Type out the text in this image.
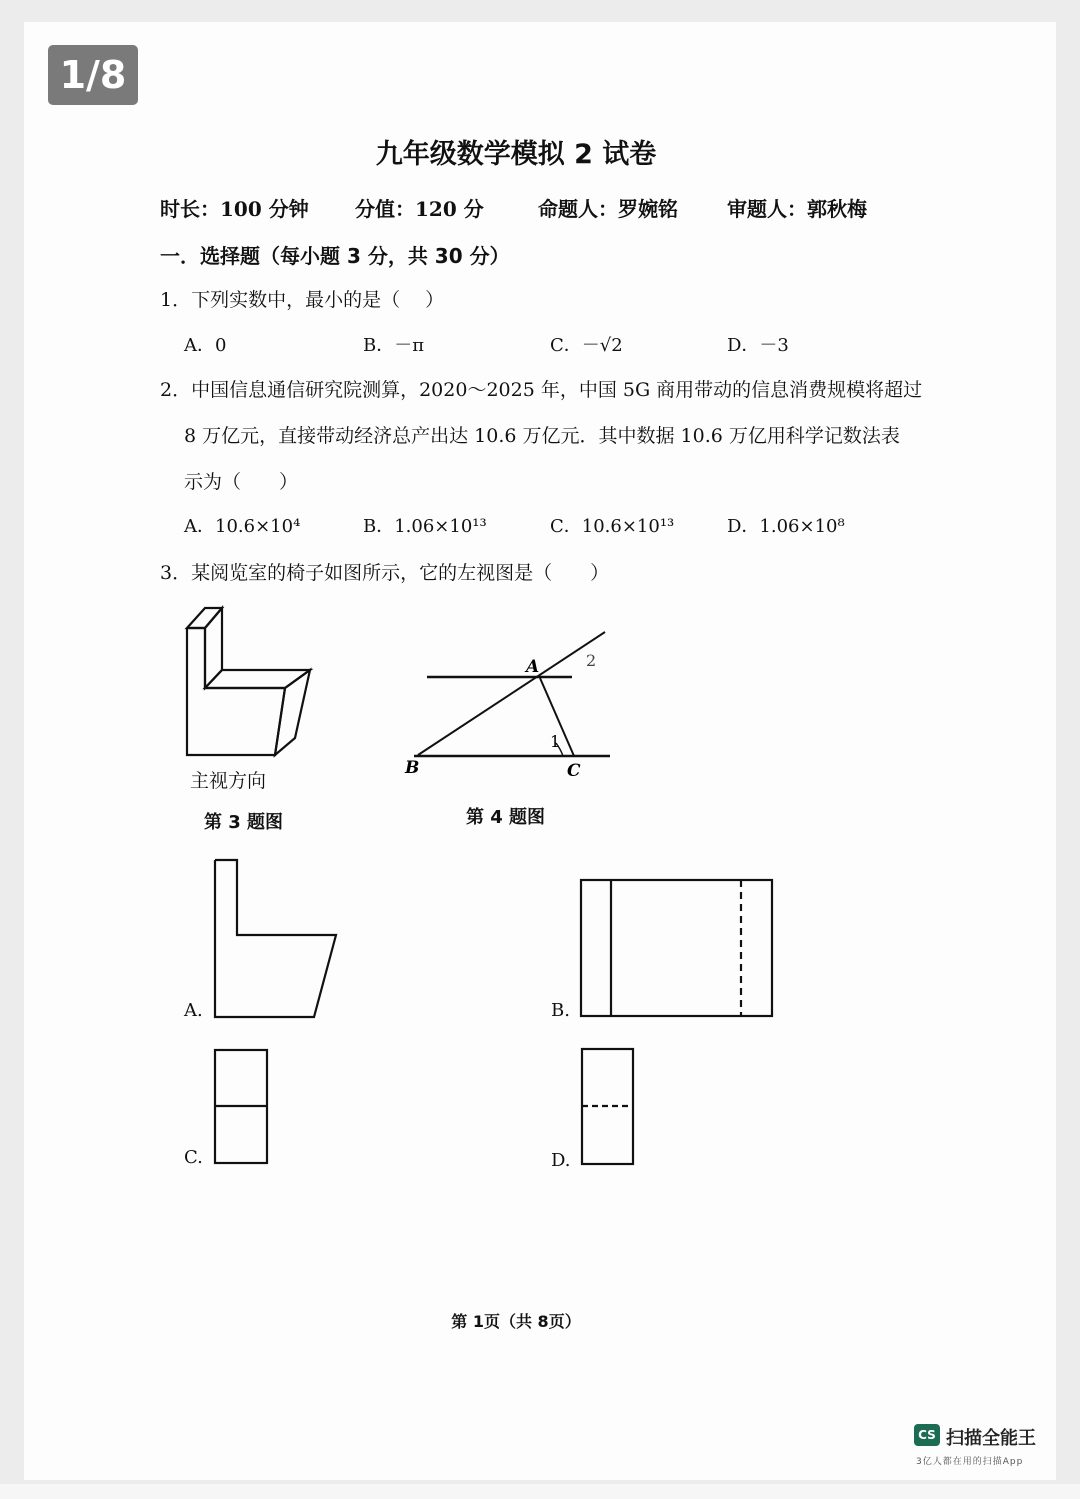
1/8
九年级数学模拟 2 试卷
时长：100 分钟 分值：120 分	命题人：罗婉铭 审题人：郭秋梅
一．选择题（每小题 3 分，共 30 分）
1．下列实数中，最小的是（　 ）
A．0	B．－π	C．－√2	D．－3
2．中国信息通信研究院测算，2020～2025 年，中国 5G 商用带动的信息消费规模将超过
8 万亿元，直接带动经济总产出达 10.6 万亿元．其中数据 10.6 万亿用科学记数法表
示为（　　）
A．10.6×10⁴	B．1.06×10¹³	C．10.6×10¹³	D．1.06×10⁸
3．某阅览室的椅子如图所示，它的左视图是（　　）
主视方向
第 3 题图
A	2
1
B	C
第 4 题图
A.	B.
C.	D.
第 1页（共 8页）
CS 扫描全能王
3亿人都在用的扫描App
